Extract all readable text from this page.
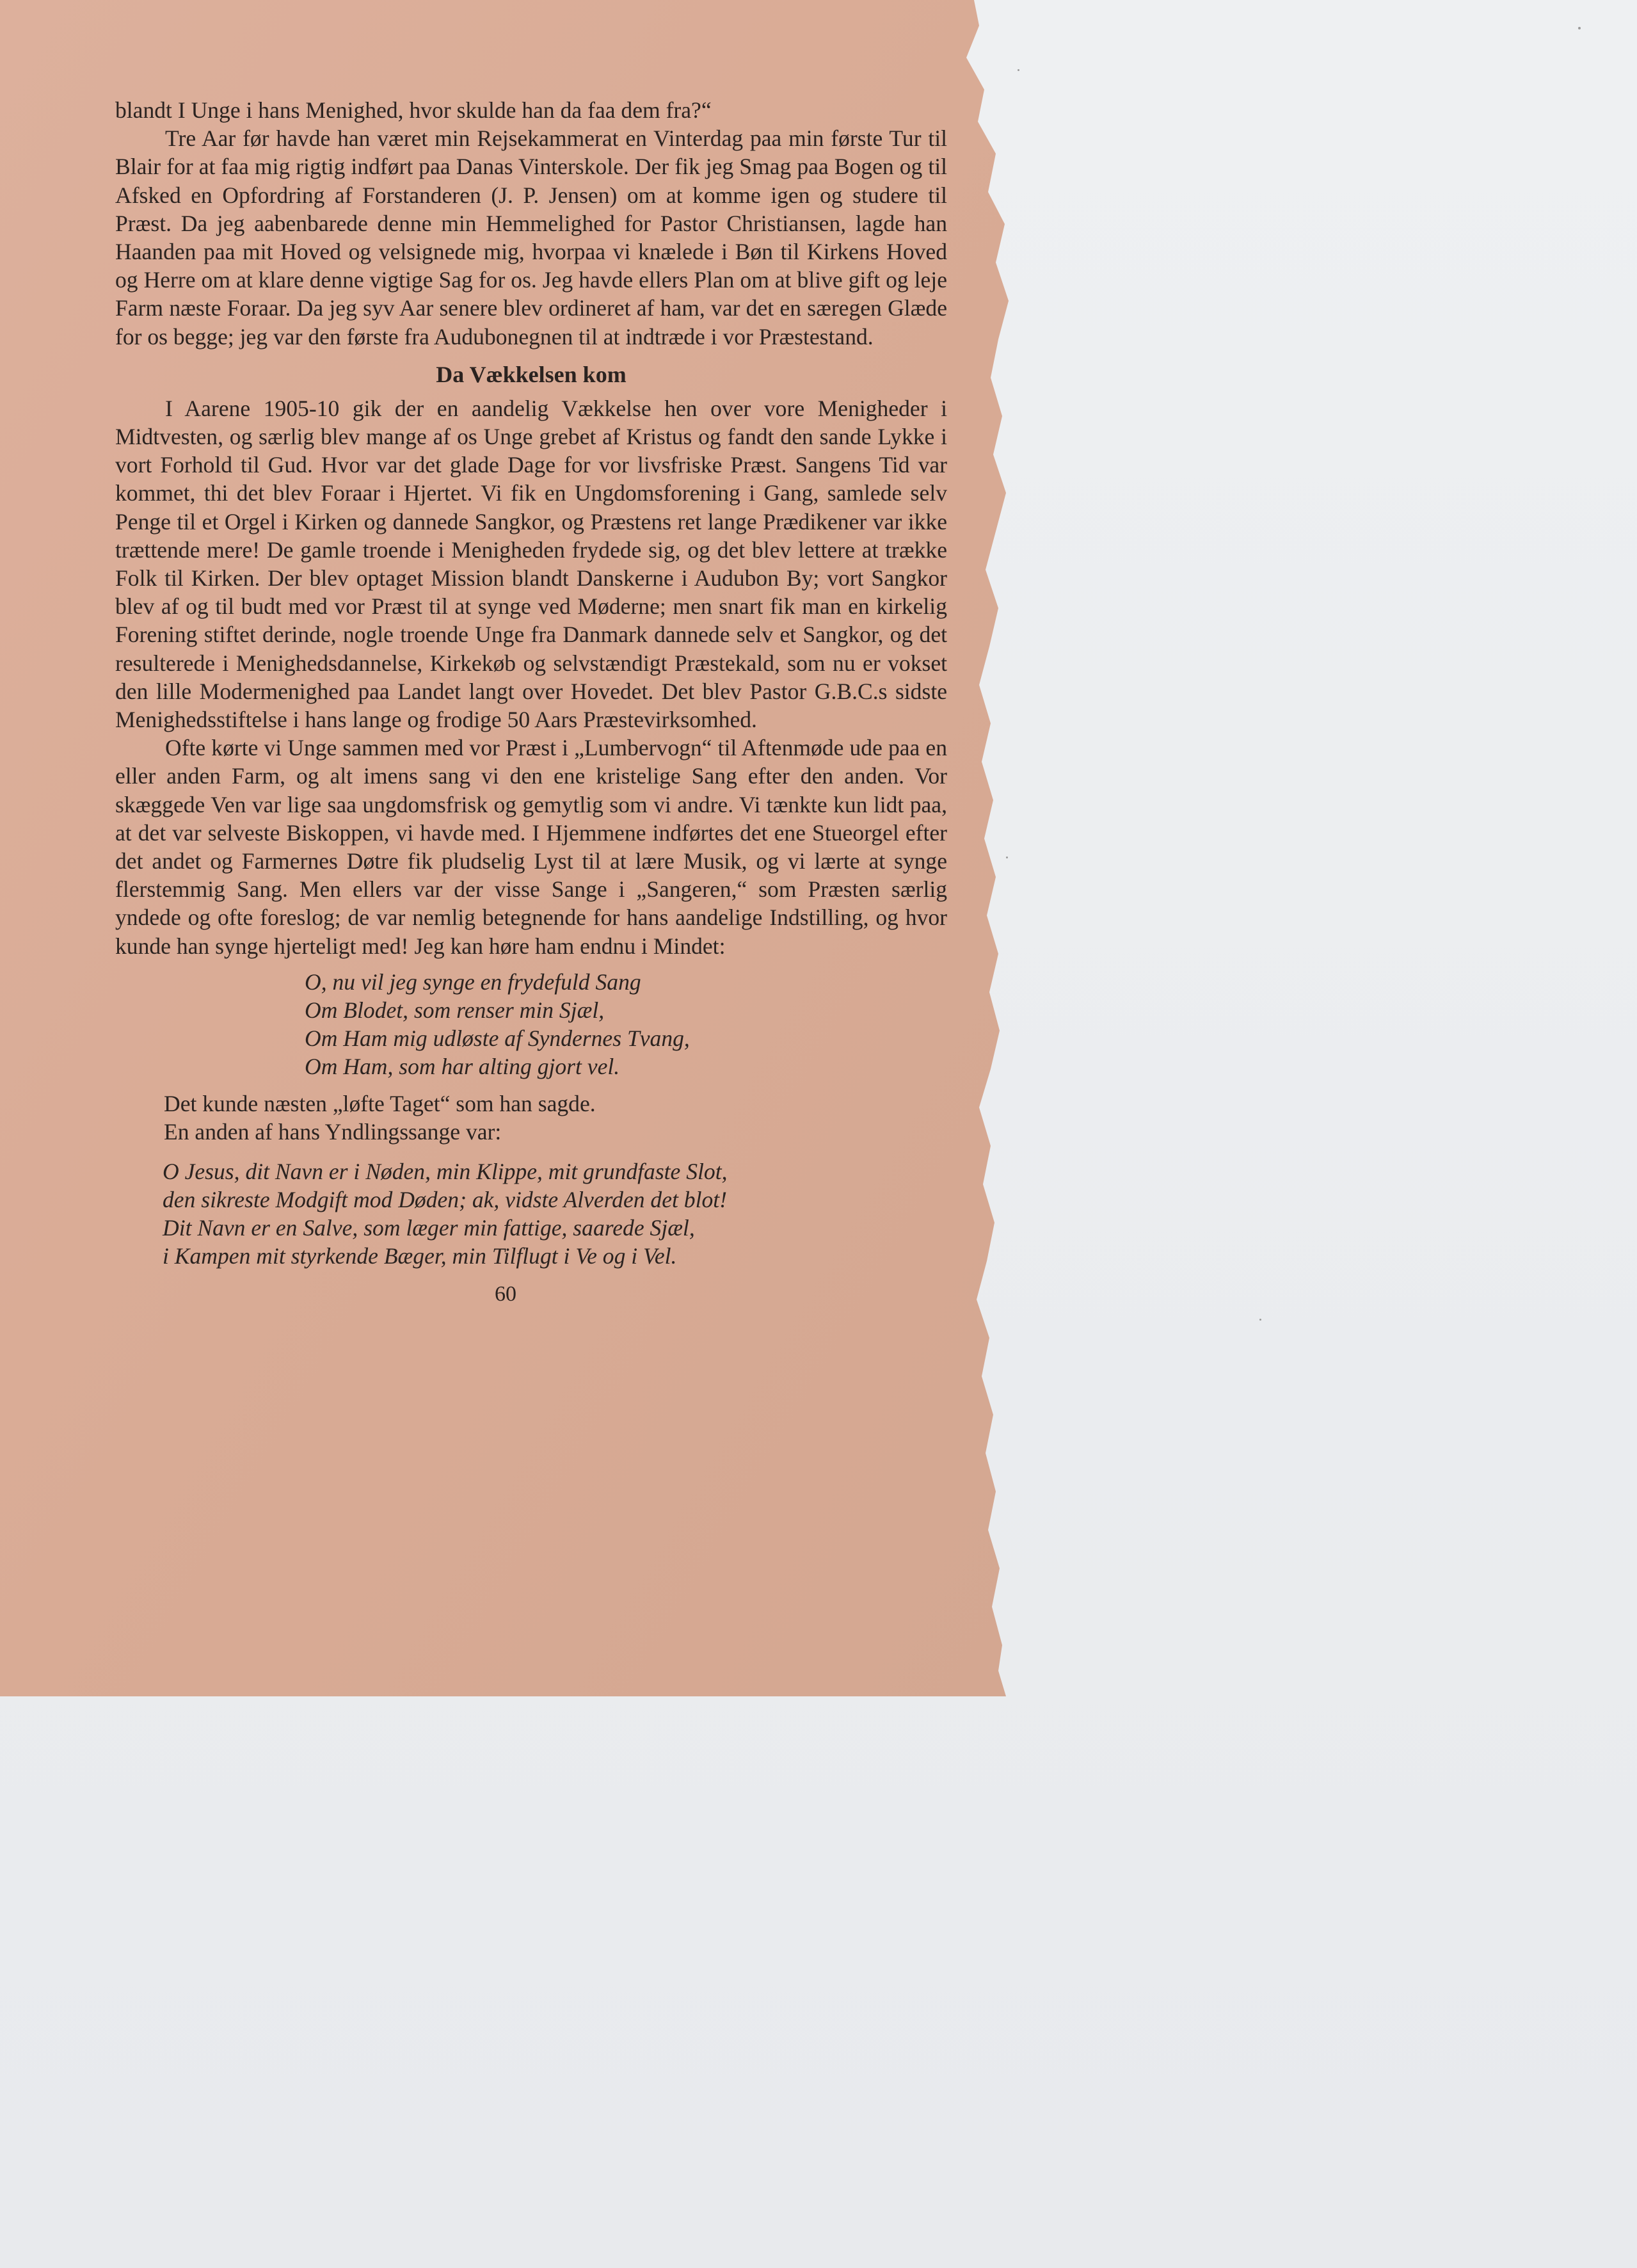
blandt I Unge i hans Menighed, hvor skulde han da faa dem fra?“

Tre Aar før havde han været min Rejsekammerat en Vinterdag paa min første Tur til Blair for at faa mig rigtig indført paa Danas Vinterskole. Der fik jeg Smag paa Bogen og til Afsked en Opfordring af Forstanderen (J. P. Jensen) om at komme igen og studere til Præst. Da jeg aabenbarede denne min Hemmelighed for Pastor Christiansen, lagde han Haanden paa mit Hoved og velsignede mig, hvorpaa vi knælede i Bøn til Kirkens Hoved og Herre om at klare denne vigtige Sag for os. Jeg havde ellers Plan om at blive gift og leje Farm næste Foraar. Da jeg syv Aar senere blev ordineret af ham, var det en særegen Glæde for os begge; jeg var den første fra Audubonegnen til at indtræde i vor Præstestand.

Da Vækkelsen kom

I Aarene 1905-10 gik der en aandelig Vækkelse hen over vore Menigheder i Midtvesten, og særlig blev mange af os Unge grebet af Kristus og fandt den sande Lykke i vort Forhold til Gud. Hvor var det glade Dage for vor livsfriske Præst. Sangens Tid var kommet, thi det blev Foraar i Hjertet. Vi fik en Ungdomsforening i Gang, samlede selv Penge til et Orgel i Kirken og dannede Sangkor, og Præstens ret lange Prædikener var ikke trættende mere! De gamle troende i Menigheden frydede sig, og det blev lettere at trække Folk til Kirken. Der blev optaget Mission blandt Danskerne i Audubon By; vort Sangkor blev af og til budt med vor Præst til at synge ved Møderne; men snart fik man en kirkelig Forening stiftet derinde, nogle troende Unge fra Danmark dannede selv et Sangkor, og det resulterede i Menighedsdannelse, Kirkekøb og selvstændigt Præstekald, som nu er vokset den lille Modermenighed paa Landet langt over Hovedet. Det blev Pastor G.B.C.s sidste Menighedsstiftelse i hans lange og frodige 50 Aars Præstevirksomhed.

Ofte kørte vi Unge sammen med vor Præst i „Lumbervogn“ til Aftenmøde ude paa en eller anden Farm, og alt imens sang vi den ene kristelige Sang efter den anden. Vor skæggede Ven var lige saa ungdomsfrisk og gemytlig som vi andre. Vi tænkte kun lidt paa, at det var selveste Biskoppen, vi havde med. I Hjemmene indførtes det ene Stueorgel efter det andet og Farmernes Døtre fik pludselig Lyst til at lære Musik, og vi lærte at synge flerstemmig Sang. Men ellers var der visse Sange i „Sangeren,“ som Præsten særlig yndede og ofte foreslog; de var nemlig betegnende for hans aandelige Indstilling, og hvor kunde han synge hjerteligt med! Jeg kan høre ham endnu i Mindet:

O, nu vil jeg synge en frydefuld Sang
Om Blodet, som renser min Sjæl,
Om Ham mig udløste af Syndernes Tvang,
Om Ham, som har alting gjort vel.
Det kunde næsten „løfte Taget“ som han sagde.
En anden af hans Yndlingssange var:
O Jesus, dit Navn er i Nøden, min Klippe, mit grundfaste Slot,
den sikreste Modgift mod Døden; ak, vidste Alverden det blot!
Dit Navn er en Salve, som læger min fattige, saarede Sjæl,
i Kampen mit styrkende Bæger, min Tilflugt i Ve og i Vel.
60
